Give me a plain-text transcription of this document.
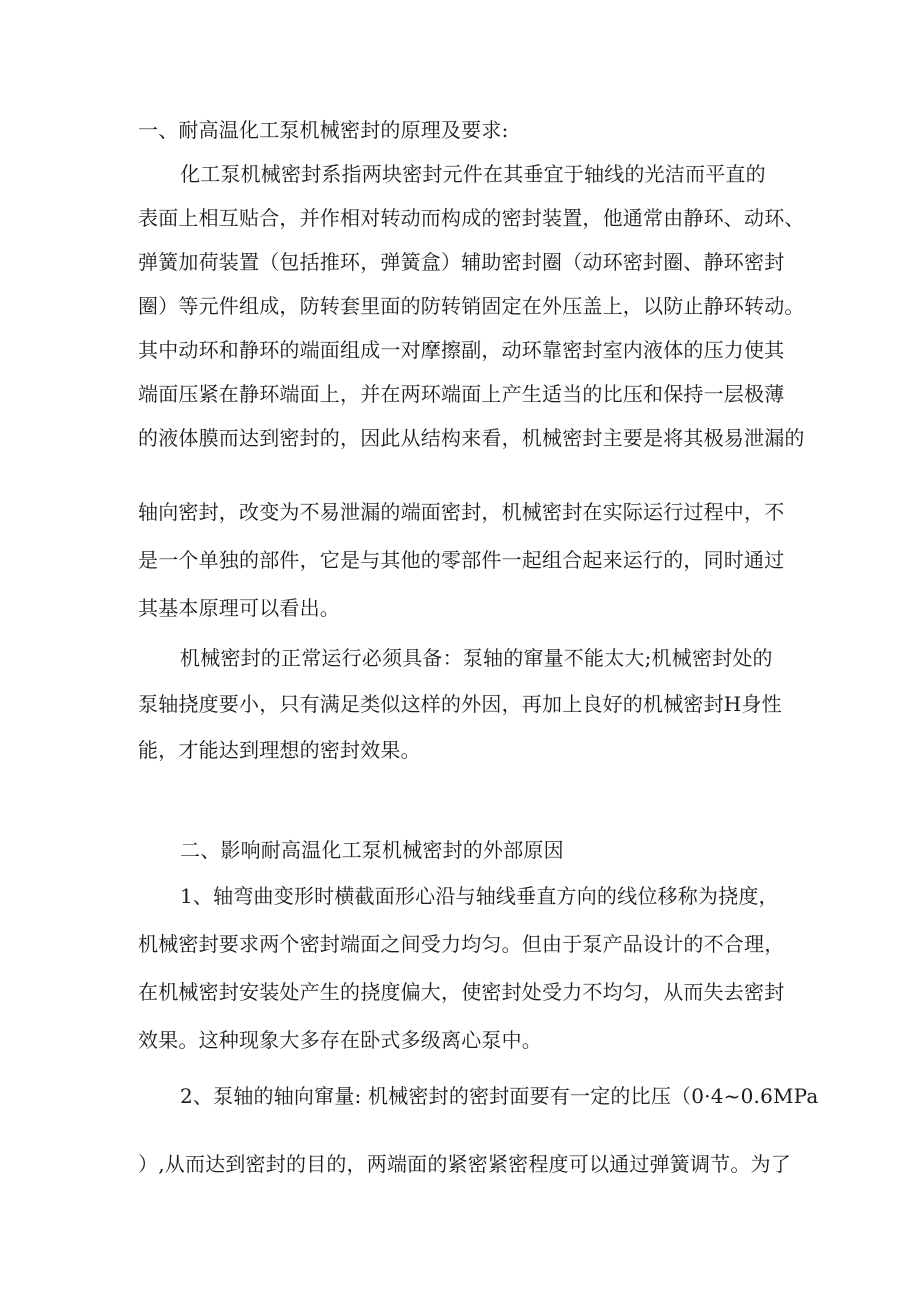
一、耐高温化工泵机械密封的原理及要求:
化工泵机械密封系指两块密封元件在其垂宜于轴线的光洁而平直的
表面上相互贴合，并作相对转动而构成的密封装置，他通常由静环、动环、
弹簧加荷装置（包括推环，弹簧盒）辅助密封圈（动环密封圈、静环密封
圈）等元件组成，防转套里面的防转销固定在外压盖上，以防止静环转动。
其中动环和静环的端面组成一对摩擦副，动环靠密封室内液体的压力使其
端面压紧在静环端面上，并在两环端面上产生适当的比压和保持一层极薄
的液体膜而达到密封的，因此从结构来看，机械密封主要是将其极易泄漏的
轴向密封，改变为不易泄漏的端面密封，机械密封在实际运行过程中，不
是一个单独的部件，它是与其他的零部件一起组合起来运行的，同时通过
其基本原理可以看出。
机械密封的正常运行必须具备：泵轴的窜量不能太大;机械密封处的
泵轴挠度要小，只有满足类似这样的外因，再加上良好的机械密封H身性
能，才能达到理想的密封效果。
二、影响耐高温化工泵机械密封的外部原因
1、轴弯曲变形时横截面形心沿与轴线垂直方向的线位移称为挠度，
机械密封要求两个密封端面之间受力均匀。但由于泵产品设计的不合理，
在机械密封安装处产生的挠度偏大，使密封处受力不均匀，从而失去密封
效果。这种现象大多存在卧式多级离心泵中。
2、泵轴的轴向窜量: 机械密封的密封面要有一定的比压（0·4~0.6MPa
）,从而达到密封的目的，两端面的紧密紧密程度可以通过弹簧调节。为了
